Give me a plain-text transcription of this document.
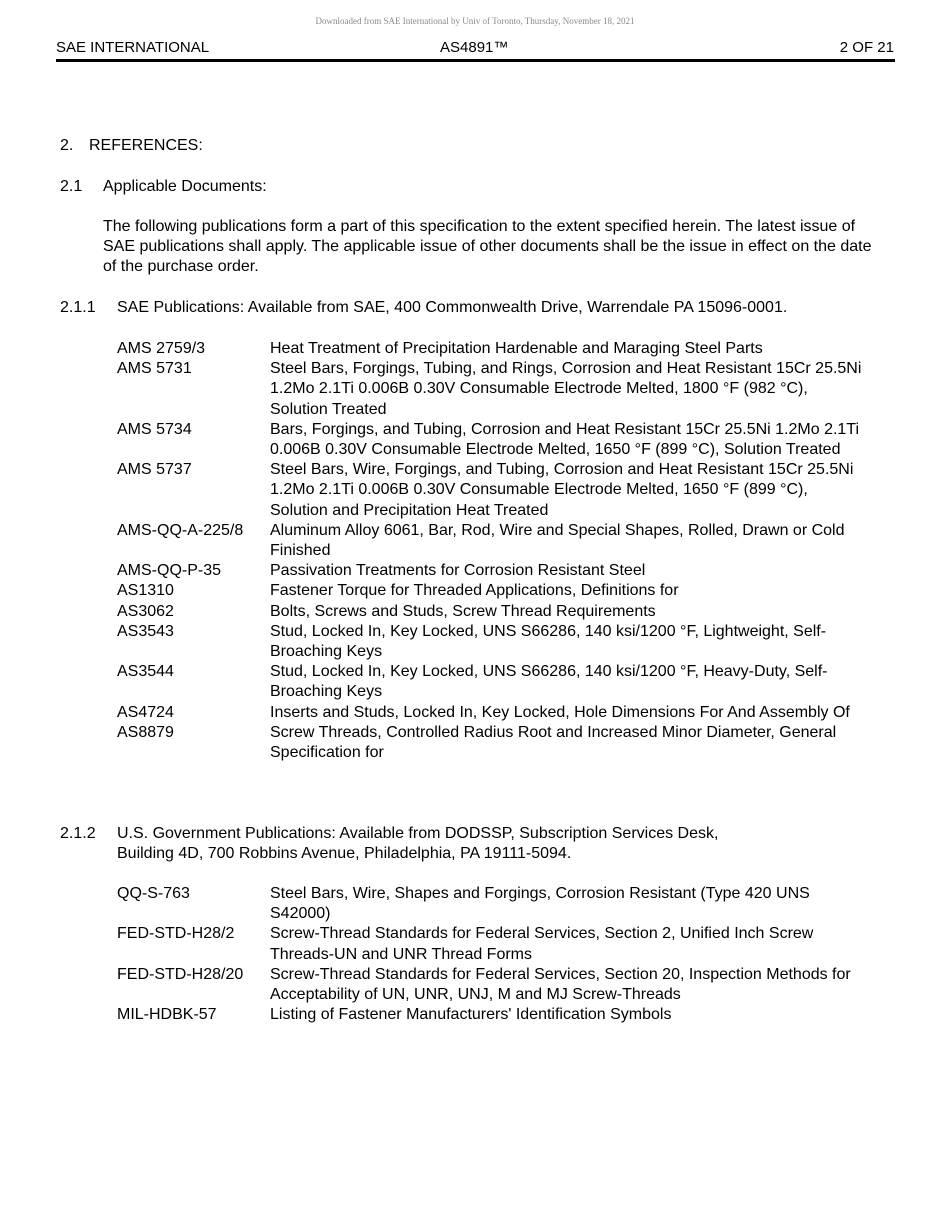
Downloaded from SAE International by Univ of Toronto, Thursday, November 18, 2021
SAE INTERNATIONAL	AS4891™	2 OF 21
2. REFERENCES:
2.1 Applicable Documents:
The following publications form a part of this specification to the extent specified herein. The latest issue of SAE publications shall apply. The applicable issue of other documents shall be the issue in effect on the date of the purchase order.
2.1.1 SAE Publications: Available from SAE, 400 Commonwealth Drive, Warrendale PA 15096-0001.
AMS 2759/3	Heat Treatment of Precipitation Hardenable and Maraging Steel Parts
AMS 5731	Steel Bars, Forgings, Tubing, and Rings, Corrosion and Heat Resistant 15Cr 25.5Ni 1.2Mo 2.1Ti 0.006B 0.30V Consumable Electrode Melted, 1800 °F (982 °C), Solution Treated
AMS 5734	Bars, Forgings, and Tubing, Corrosion and Heat Resistant 15Cr 25.5Ni 1.2Mo 2.1Ti 0.006B 0.30V Consumable Electrode Melted, 1650 °F (899 °C), Solution Treated
AMS 5737	Steel Bars, Wire, Forgings, and Tubing, Corrosion and Heat Resistant 15Cr 25.5Ni 1.2Mo 2.1Ti 0.006B 0.30V Consumable Electrode Melted, 1650 °F (899 °C), Solution and Precipitation Heat Treated
AMS-QQ-A-225/8	Aluminum Alloy 6061, Bar, Rod, Wire and Special Shapes, Rolled, Drawn or Cold Finished
AMS-QQ-P-35	Passivation Treatments for Corrosion Resistant Steel
AS1310	Fastener Torque for Threaded Applications, Definitions for
AS3062	Bolts, Screws and Studs, Screw Thread Requirements
AS3543	Stud, Locked In, Key Locked, UNS S66286, 140 ksi/1200 °F, Lightweight, Self-Broaching Keys
AS3544	Stud, Locked In, Key Locked, UNS S66286, 140 ksi/1200 °F, Heavy-Duty, Self-Broaching Keys
AS4724	Inserts and Studs, Locked In, Key Locked, Hole Dimensions For And Assembly Of
AS8879	Screw Threads, Controlled Radius Root and Increased Minor Diameter, General Specification for
2.1.2 U.S. Government Publications: Available from DODSSP, Subscription Services Desk,
Building 4D, 700 Robbins Avenue, Philadelphia, PA 19111-5094.
QQ-S-763	Steel Bars, Wire, Shapes and Forgings, Corrosion Resistant (Type 420 UNS S42000)
FED-STD-H28/2	Screw-Thread Standards for Federal Services, Section 2, Unified Inch Screw Threads-UN and UNR Thread Forms
FED-STD-H28/20	Screw-Thread Standards for Federal Services, Section 20, Inspection Methods for Acceptability of UN, UNR, UNJ, M and MJ Screw-Threads
MIL-HDBK-57	Listing of Fastener Manufacturers' Identification Symbols
